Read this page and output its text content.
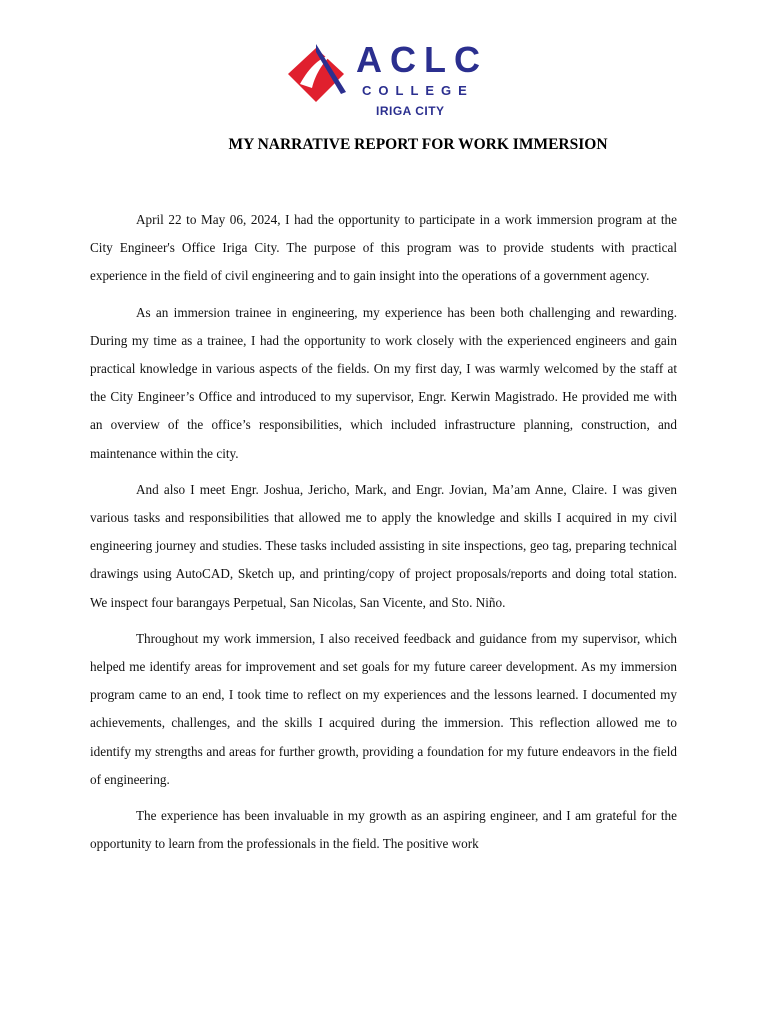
ACLC
COLLEGE
IRIGA CITY
MY NARRATIVE REPORT FOR WORK IMMERSION

April 22 to May 06, 2024, I had the opportunity to participate in a work immersion program at the City Engineer's Office Iriga City. The purpose of this program was to provide students with practical experience in the field of civil engineering and to gain insight into the operations of a government agency.

As an immersion trainee in engineering, my experience has been both challenging and rewarding. During my time as a trainee, I had the opportunity to work closely with the experienced engineers and gain practical knowledge in various aspects of the fields. On my first day, I was warmly welcomed by the staff at the City Engineer’s Office and introduced to my supervisor, Engr. Kerwin Magistrado. He provided me with an overview of the office’s responsibilities, which included infrastructure planning, construction, and maintenance within the city.

And also I meet Engr. Joshua, Jericho, Mark, and Engr. Jovian, Ma’am Anne, Claire. I was given various tasks and responsibilities that allowed me to apply the knowledge and skills I acquired in my civil engineering journey and studies. These tasks included assisting in site inspections, geo tag, preparing technical drawings using AutoCAD, Sketch up, and printing/copy of project proposals/reports and doing total station. We inspect four barangays Perpetual, San Nicolas, San Vicente, and Sto. Niño.

Throughout my work immersion, I also received feedback and guidance from my supervisor, which helped me identify areas for improvement and set goals for my future career development. As my immersion program came to an end, I took time to reflect on my experiences and the lessons learned. I documented my achievements, challenges, and the skills I acquired during the immersion. This reflection allowed me to identify my strengths and areas for further growth, providing a foundation for my future endeavors in the field of engineering.

The experience has been invaluable in my growth as an aspiring engineer, and I am grateful for the opportunity to learn from the professionals in the field. The positive work
